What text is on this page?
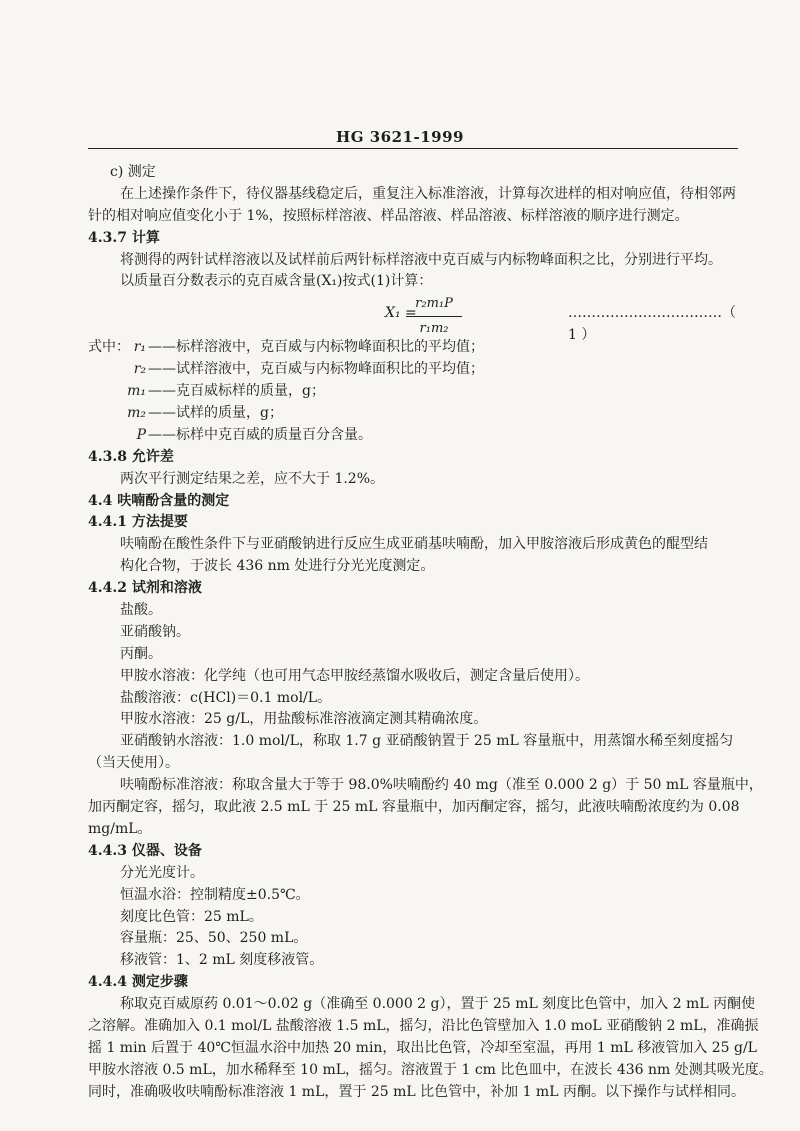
HG 3621-1999
c) 测定
在上述操作条件下，待仪器基线稳定后，重复注入标准溶液，计算每次进样的相对响应值，待相邻两
针的相对响应值变化小于 1%，按照标样溶液、样品溶液、样品溶液、标样溶液的顺序进行测定。
4.3.7 计算
将测得的两针试样溶液以及试样前后两针标样溶液中克百威与内标物峰面积之比，分别进行平均。
以质量百分数表示的克百威含量(X₁)按式(1)计算：
X₁ =
$\frac{\text{r₂m₁P}}{\text{r₁m₂}}$	……………………………（ 1 ）
式中： r₁ ——标样溶液中，克百威与内标物峰面积比的平均值；
r₂ ——试样溶液中，克百威与内标物峰面积比的平均值；
m₁ ——克百威标样的质量，g；
m₂ ——试样的质量，g；
P ——标样中克百威的质量百分含量。
4.3.8 允许差
两次平行测定结果之差，应不大于 1.2%。
4.4 呋喃酚含量的测定
4.4.1 方法提要
呋喃酚在酸性条件下与亚硝酸钠进行反应生成亚硝基呋喃酚，加入甲胺溶液后形成黄色的醌型结
构化合物，于波长 436 nm 处进行分光光度测定。
4.4.2 试剂和溶液
盐酸。
亚硝酸钠。
丙酮。
甲胺水溶液：化学纯（也可用气态甲胺经蒸馏水吸收后，测定含量后使用）。
盐酸溶液：c(HCl)＝0.1 mol/L。
甲胺水溶液：25 g/L，用盐酸标准溶液滴定测其精确浓度。
亚硝酸钠水溶液：1.0 mol/L，称取 1.7 g 亚硝酸钠置于 25 mL 容量瓶中，用蒸馏水稀至刻度摇匀
（当天使用）。
呋喃酚标准溶液：称取含量大于等于 98.0%呋喃酚约 40 mg（准至 0.000 2 g）于 50 mL 容量瓶中，
加丙酮定容，摇匀，取此液 2.5 mL 于 25 mL 容量瓶中，加丙酮定容，摇匀，此液呋喃酚浓度约为 0.08
mg/mL。
4.4.3 仪器、设备
分光光度计。
恒温水浴：控制精度±0.5℃。
刻度比色管：25 mL。
容量瓶：25、50、250 mL。
移液管：1、2 mL 刻度移液管。
4.4.4 测定步骤
称取克百威原药 0.01～0.02 g（准确至 0.000 2 g），置于 25 mL 刻度比色管中，加入 2 mL 丙酮使
之溶解。准确加入 0.1 mol/L 盐酸溶液 1.5 mL，摇匀，沿比色管壁加入 1.0 moL 亚硝酸钠 2 mL，准确振
摇 1 min 后置于 40℃恒温水浴中加热 20 min，取出比色管，冷却至室温，再用 1 mL 移液管加入 25 g/L
甲胺水溶液 0.5 mL，加水稀释至 10 mL，摇匀。溶液置于 1 cm 比色皿中，在波长 436 nm 处测其吸光度。
同时，准确吸收呋喃酚标准溶液 1 mL，置于 25 mL 比色管中，补加 1 mL 丙酮。以下操作与试样相同。
